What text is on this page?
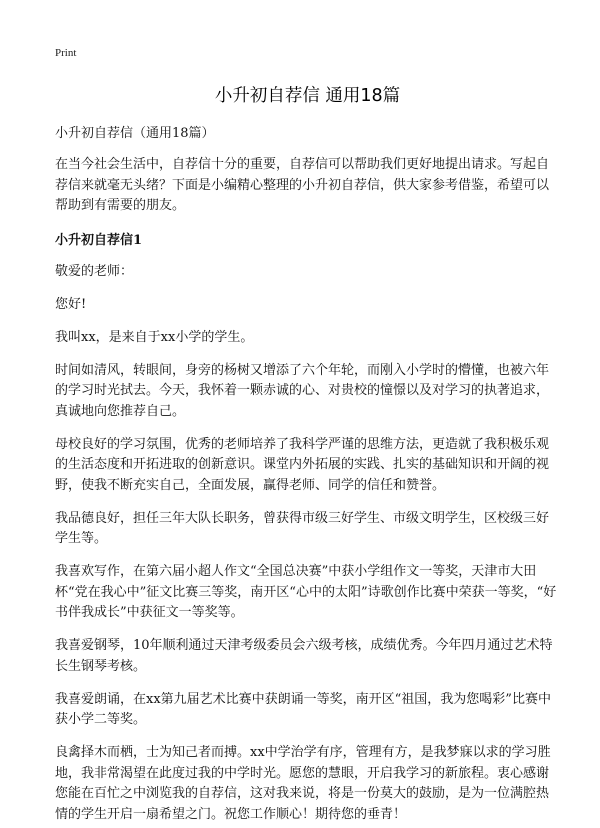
Print
小升初自荐信 通用18篇

小升初自荐信（通用18篇）

在当今社会生活中，自荐信十分的重要，自荐信可以帮助我们更好地提出请求。写起自荐信来就毫无头绪？下面是小编精心整理的小升初自荐信，供大家参考借鉴，希望可以帮助到有需要的朋友。

小升初自荐信1

敬爱的老师：

您好!

我叫xx，是来自于xx小学的学生。

时间如清风，转眼间，身旁的杨树又增添了六个年轮，而刚入小学时的懵懂，也被六年的学习时光拭去。今天，我怀着一颗赤诚的心、对贵校的憧憬以及对学习的执著追求，真诚地向您推荐自己。

母校良好的学习氛围，优秀的老师培养了我科学严谨的思维方法，更造就了我积极乐观的生活态度和开拓进取的创新意识。课堂内外拓展的实践、扎实的基础知识和开阔的视野，使我不断充实自己，全面发展，赢得老师、同学的信任和赞誉。

我品德良好，担任三年大队长职务，曾获得市级三好学生、市级文明学生，区校级三好学生等。

我喜欢写作，在第六届小超人作文“全国总决赛”中获小学组作文一等奖，天津市大田杯“党在我心中”征文比赛三等奖，南开区“心中的太阳”诗歌创作比赛中荣获一等奖，“好书伴我成长”中获征文一等奖等。

我喜爱钢琴，10年顺利通过天津考级委员会六级考核，成绩优秀。今年四月通过艺术特长生钢琴考核。

我喜爱朗诵，在xx第九届艺术比赛中获朗诵一等奖，南开区“祖国，我为您喝彩”比赛中获小学二等奖。

良禽择木而栖，士为知己者而搏。xx中学治学有序，管理有方，是我梦寐以求的学习胜地，我非常渴望在此度过我的中学时光。愿您的慧眼，开启我学习的新旅程。衷心感谢您能在百忙之中浏览我的自荐信，这对我来说，将是一份莫大的鼓励，是为一位满腔热情的学生开启一扇希望之门。祝您工作顺心！期待您的垂青！
